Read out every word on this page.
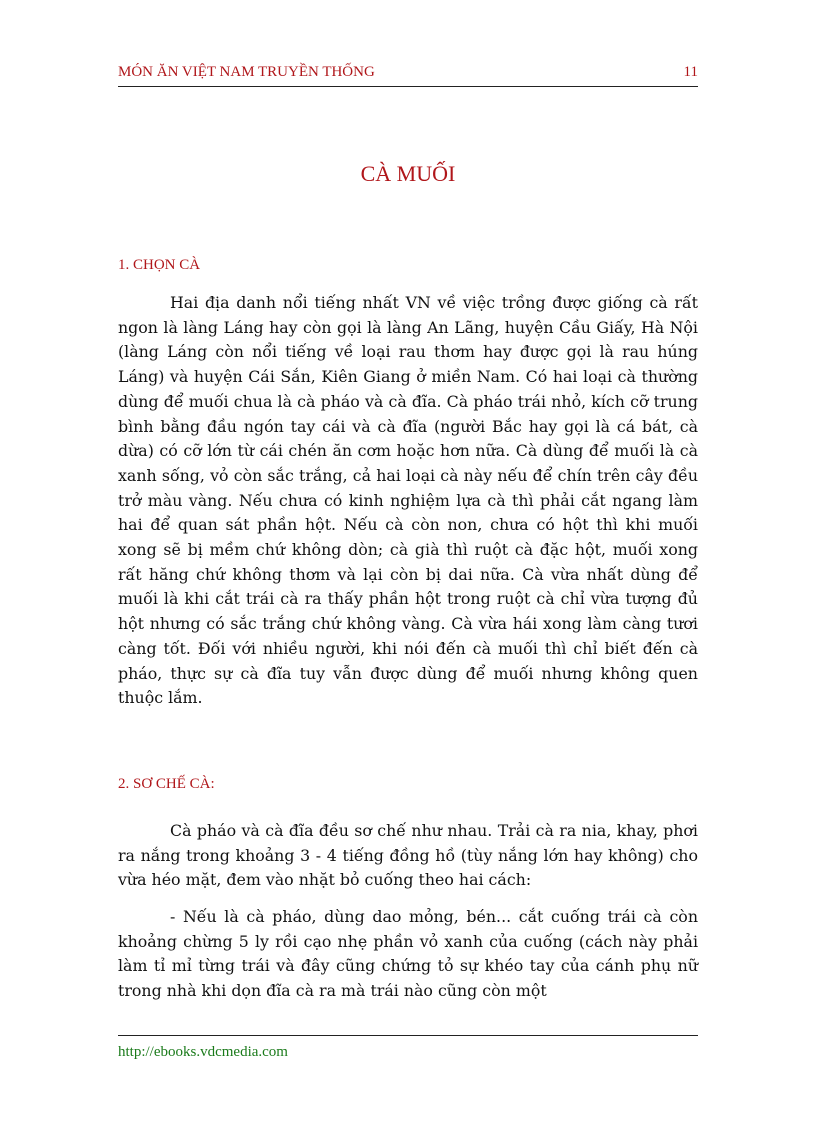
MÓN ĂN VIỆT NAM TRUYỀN THỐNG	11
CÀ MUỐI
1. CHỌN CÀ

Hai địa danh nổi tiếng nhất VN về việc trồng được giống cà rất ngon là làng Láng hay còn gọi là làng An Lãng, huyện Cầu Giấy, Hà Nội (làng Láng còn nổi tiếng về loại rau thơm hay được gọi là rau húng Láng) và huyện Cái Sắn, Kiên Giang ở miền Nam. Có hai loại cà thường dùng để muối chua là cà pháo và cà đĩa. Cà pháo trái nhỏ, kích cỡ trung bình bằng đầu ngón tay cái và cà đĩa (người Bắc hay gọi là cá bát, cà dừa) có cỡ lớn từ cái chén ăn cơm hoặc hơn nữa. Cà dùng để muối là cà xanh sống, vỏ còn sắc trắng, cả hai loại cà này nếu để chín trên cây đều trở màu vàng. Nếu chưa có kinh nghiệm lựa cà thì phải cắt ngang làm hai để quan sát phần hột. Nếu cà còn non, chưa có hột thì khi muối xong sẽ bị mềm chứ không dòn; cà già thì ruột cà đặc hột, muối xong rất hăng chứ không thơm và lại còn bị dai nữa. Cà vừa nhất dùng để muối là khi cắt trái cà ra thấy phần hột trong ruột cà chỉ vừa tượng đủ hột nhưng có sắc trắng chứ không vàng. Cà vừa hái xong làm càng tươi càng tốt. Đối với nhiều người, khi nói đến cà muối thì chỉ biết đến cà pháo, thực sự cà đĩa tuy vẫn được dùng để muối nhưng không quen thuộc lắm.

2. SƠ CHẾ CÀ:

Cà pháo và cà đĩa đều sơ chế như nhau. Trải cà ra nia, khay, phơi ra nắng trong khoảng 3 - 4 tiếng đồng hồ (tùy nắng lớn hay không) cho vừa héo mặt, đem vào nhặt bỏ cuống theo hai cách:

- Nếu là cà pháo, dùng dao mỏng, bén... cắt cuống trái cà còn khoảng chừng 5 ly rồi cạo nhẹ phần vỏ xanh của cuống (cách này phải làm tỉ mỉ từng trái và đây cũng chứng tỏ sự khéo tay của cánh phụ nữ trong nhà khi dọn đĩa cà ra mà trái nào cũng còn một

http://ebooks.vdcmedia.com
